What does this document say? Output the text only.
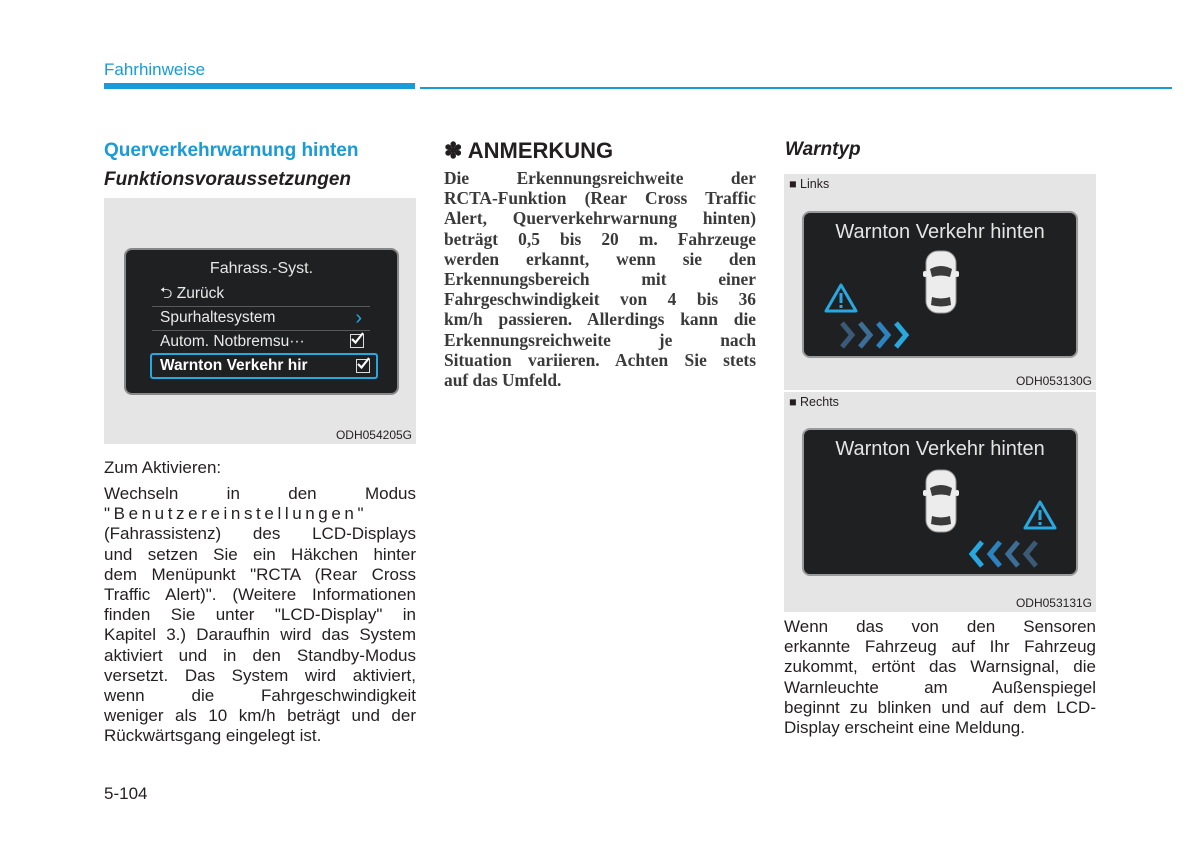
Fahrhinweise
Querverkehrwarnung hinten
Funktionsvoraussetzungen
Fahrass.-Syst.
⮌ Zurück
Spurhaltesystem	›
Autom. Notbremsu···
Warnton Verkehr hir
ODH054205G
Zum Aktivieren:
Wechseln in den Modus
"Benutzereinstellungen"
(Fahrassistenz) des LCD-Displays
und setzen Sie ein Häkchen hinter
dem Menüpunkt "RCTA (Rear Cross
Traffic Alert)". (Weitere Informationen
finden Sie unter "LCD-Display" in
Kapitel 3.) Daraufhin wird das System
aktiviert und in den Standby-Modus
versetzt. Das System wird aktiviert,
wenn die Fahrgeschwindigkeit
weniger als 10 km/h beträgt und der
Rückwärtsgang eingelegt ist.
✽ ANMERKUNG
Die Erkennungsreichweite der
RCTA-Funktion (Rear Cross Traffic
Alert, Querverkehrwarnung hinten)
beträgt 0,5 bis 20 m. Fahrzeuge
werden erkannt, wenn sie den
Erkennungsbereich mit einer
Fahrgeschwindigkeit von 4 bis 36
km/h passieren. Allerdings kann die
Erkennungsreichweite je nach
Situation variieren. Achten Sie stets
auf das Umfeld.
Warntyp
■ Links
Warnton Verkehr hinten
ODH053130G
■ Rechts
Warnton Verkehr hinten
ODH053131G
Wenn das von den Sensoren
erkannte Fahrzeug auf Ihr Fahrzeug
zukommt, ertönt das Warnsignal, die
Warnleuchte am Außenspiegel
beginnt zu blinken und auf dem LCD-
Display erscheint eine Meldung.
5-104
